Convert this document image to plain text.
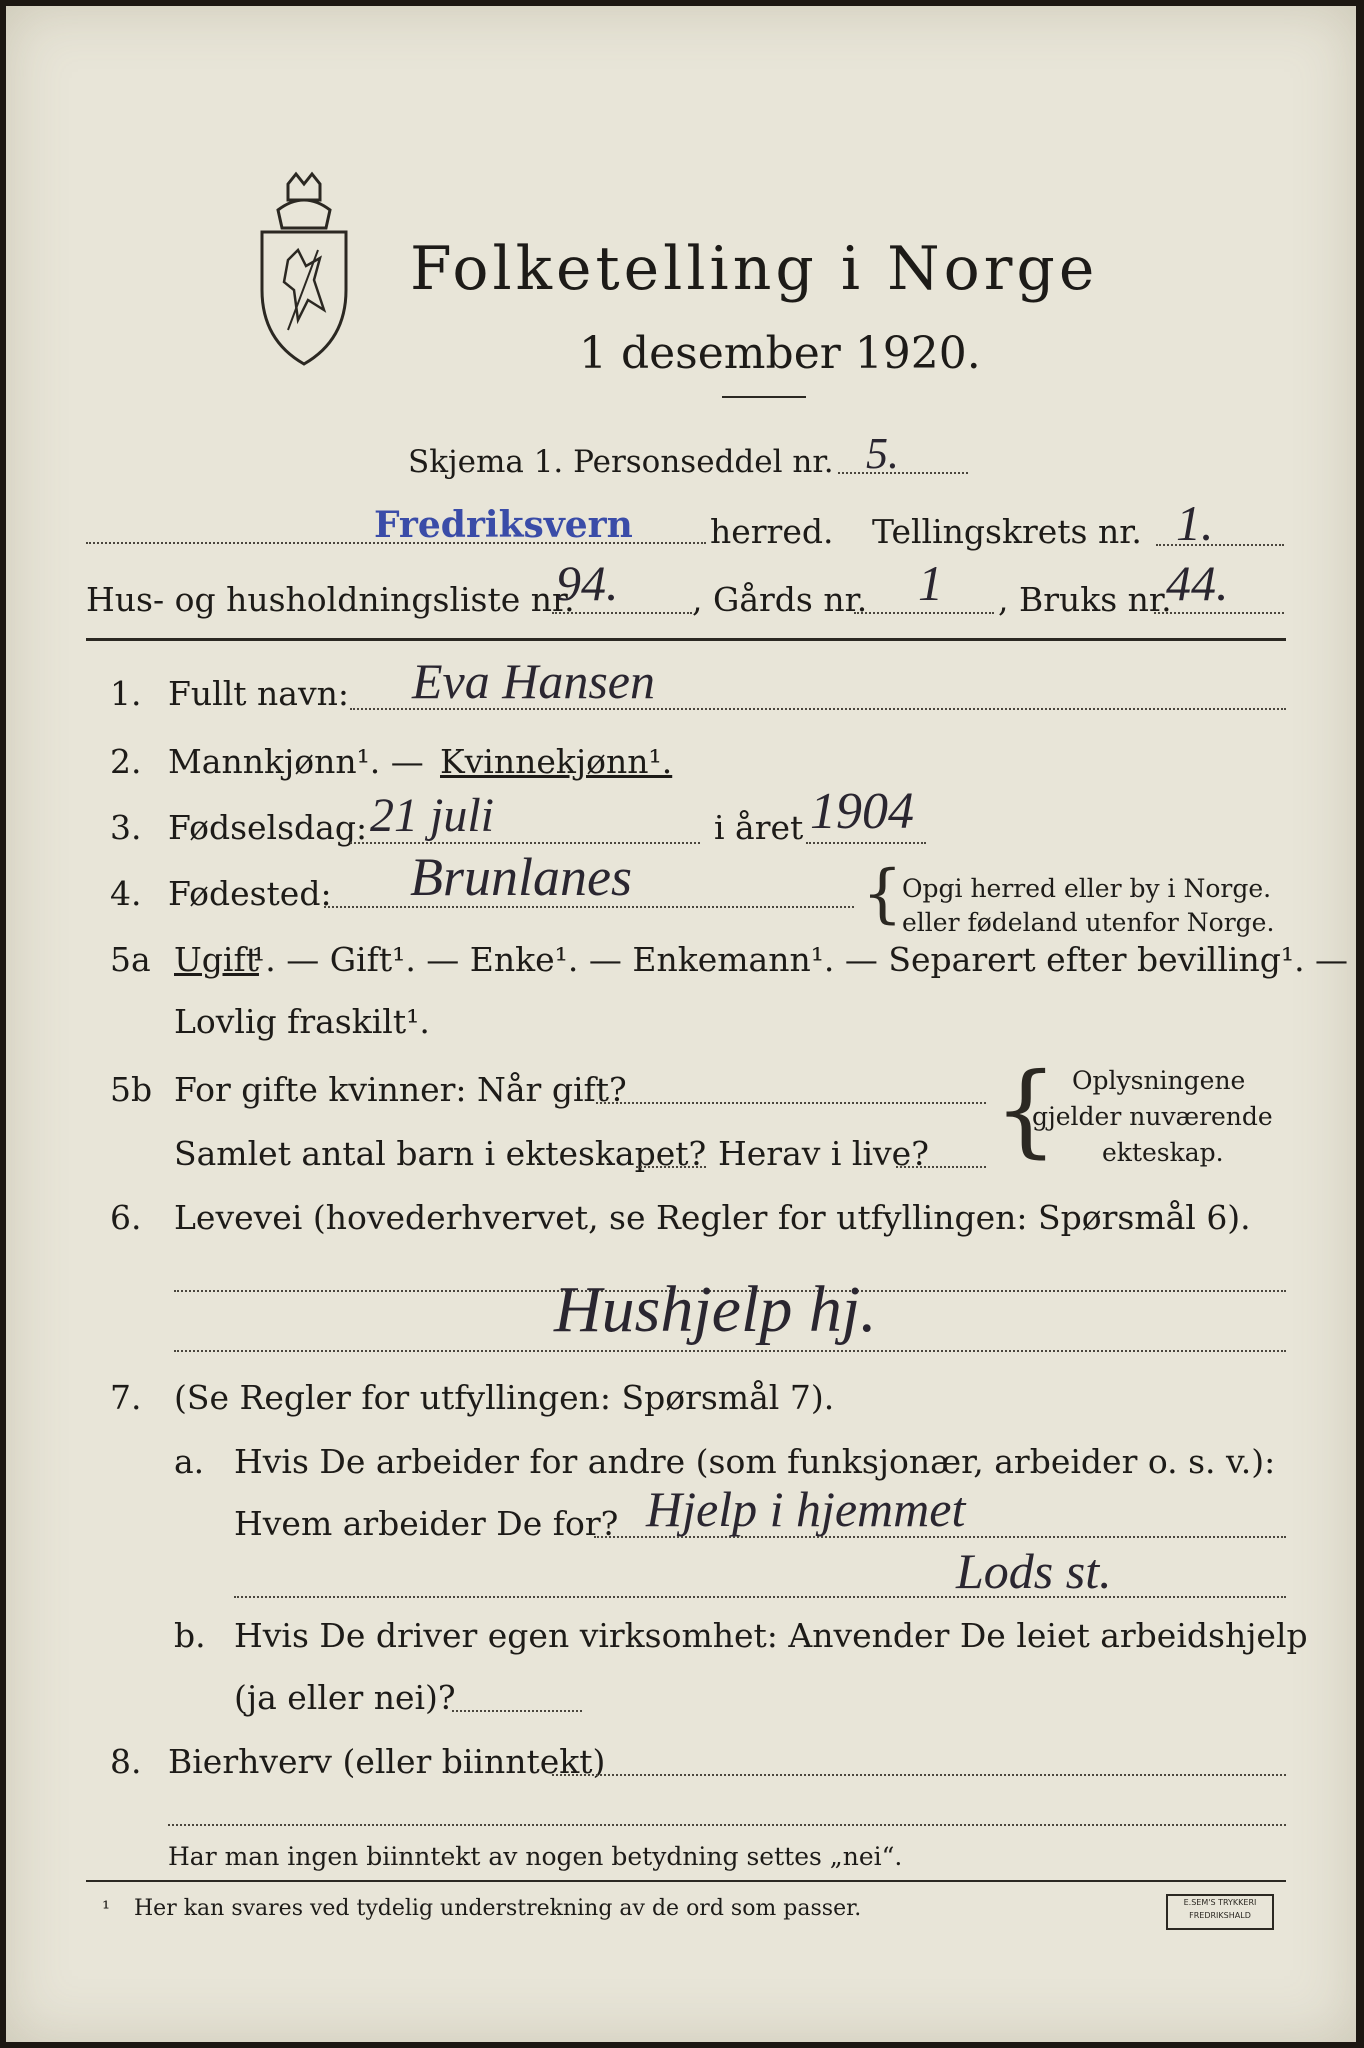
Folketelling i Norge
1 desember 1920.
Skjema 1. Personseddel nr. 5.
Fredriksvern herred. Tellingskrets nr. 1.
Hus- og husholdningsliste nr.
94. , Gårds nr. 1 , Bruks nr.
44.
1. Fullt navn: Eva Hansen
2. Mannkjønn¹. — Kvinnekjønn¹.
3. Fødselsdag: 21 juli	i året 1904
4. Fødested: Brunlanes	{ Opgi herred eller by i Norge.
eller fødeland utenfor Norge.
5a Ugift
¹. — Gift¹. — Enke¹. — Enkemann¹. — Separert efter bevilling¹. —
Lovlig fraskilt¹.
5b For gifte kvinner: Når gift?
Samlet antal barn i ekteskapet? Herav i live? { Oplysningene
gjelder nuværende
ekteskap.
6. Levevei (hovederhvervet, se Regler for utfyllingen: Spørsmål 6).
Hushjelp hj.
7. (Se Regler for utfyllingen: Spørsmål 7).
a. Hvis De arbeider for andre (som funksjonær, arbeider o. s. v.):
Hvem arbeider De for? Hjelp i hjemmet
Lods st.
b. Hvis De driver egen virksomhet: Anvender De leiet arbeidshjelp
(ja eller nei)?
8. Bierhverv (eller biinntekt)
Har man ingen biinntekt av nogen betydning settes „nei“.
¹ Her kan svares ved tydelig understrekning av de ord som passer.	E.SEM'S TRYKKERI
FREDRIKSHALD
